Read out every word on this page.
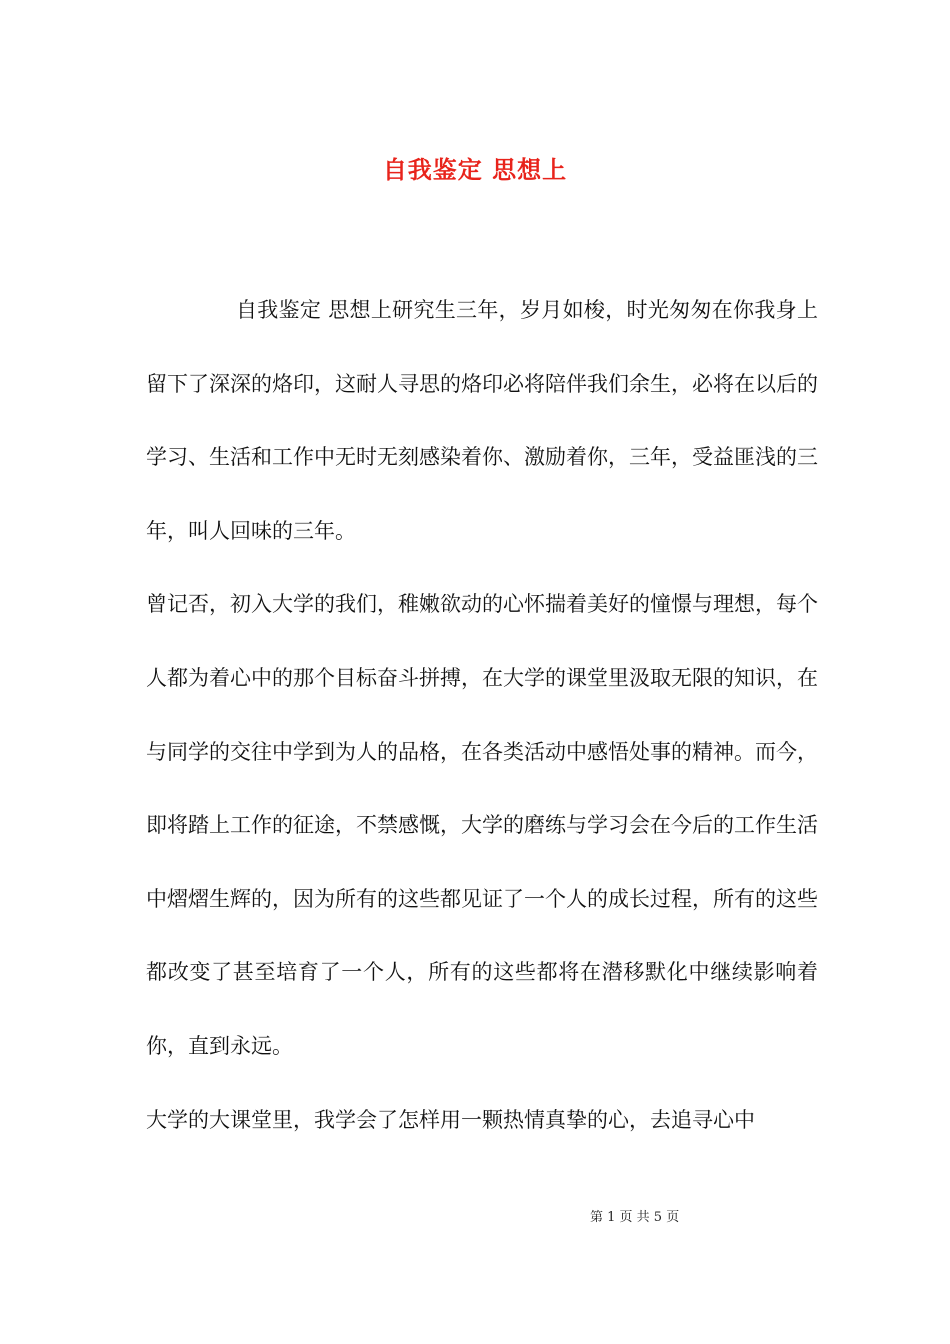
自我鉴定 思想上

自我鉴定 思想上研究生三年，岁月如梭，时光匆匆在你我身上留下了深深的烙印，这耐人寻思的烙印必将陪伴我们余生，必将在以后的学习、生活和工作中无时无刻感染着你、激励着你，三年，受益匪浅的三年，叫人回味的三年。

曾记否，初入大学的我们，稚嫩欲动的心怀揣着美好的憧憬与理想，每个人都为着心中的那个目标奋斗拼搏，在大学的课堂里汲取无限的知识，在与同学的交往中学到为人的品格，在各类活动中感悟处事的精神。而今，即将踏上工作的征途，不禁感慨，大学的磨练与学习会在今后的工作生活中熠熠生辉的，因为所有的这些都见证了一个人的成长过程，所有的这些都改变了甚至培育了一个人，所有的这些都将在潜移默化中继续影响着你，直到永远。

大学的大课堂里，我学会了怎样用一颗热情真挚的心，去追寻心中

第 1 页 共 5 页
